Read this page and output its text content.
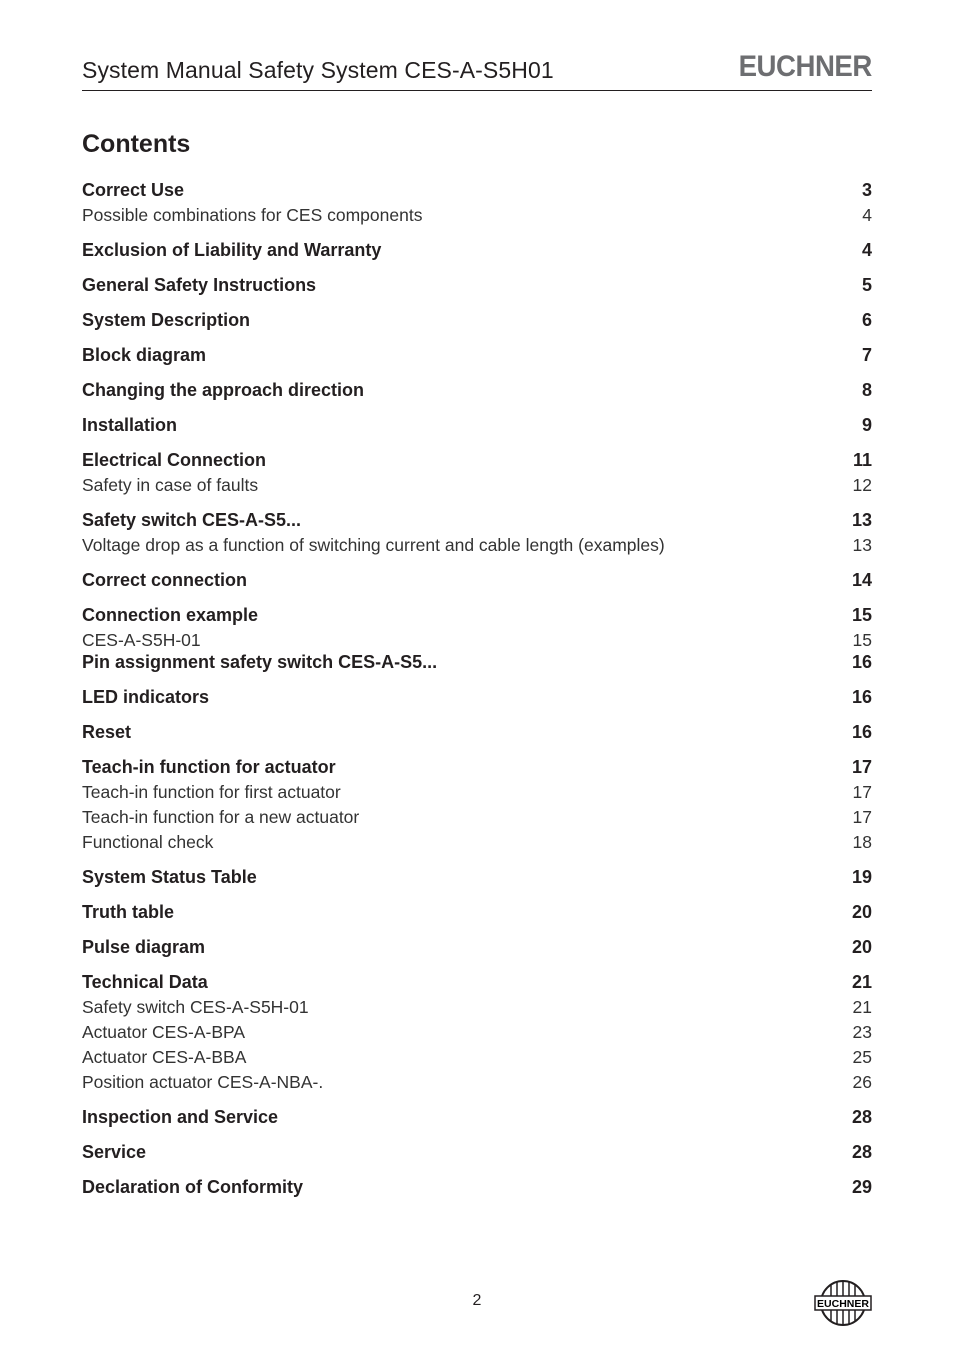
System Manual Safety System CES-A-S5H01	EUCHNER
Contents
Correct Use	3
Possible combinations for CES components	4
Exclusion of Liability and Warranty	4
General Safety Instructions	5
System Description	6
Block diagram	7
Changing the approach direction	8
Installation	9
Electrical Connection	11
Safety in case of faults	12
Safety switch CES-A-S5...	13
Voltage drop as a function of switching current and cable length (examples)	13
Correct connection	14
Connection example	15
CES-A-S5H-01	15
Pin assignment safety switch CES-A-S5...	16
LED indicators	16
Reset	16
Teach-in function for actuator	17
Teach-in function for first actuator	17
Teach-in function for a new actuator	17
Functional check	18
System Status Table	19
Truth table	20
Pulse diagram	20
Technical Data	21
Safety switch CES-A-S5H-01	21
Actuator CES-A-BPA	23
Actuator CES-A-BBA	25
Position actuator CES-A-NBA-.	26
Inspection and Service	28
Service	28
Declaration of Conformity	29
2	EUCHNER
